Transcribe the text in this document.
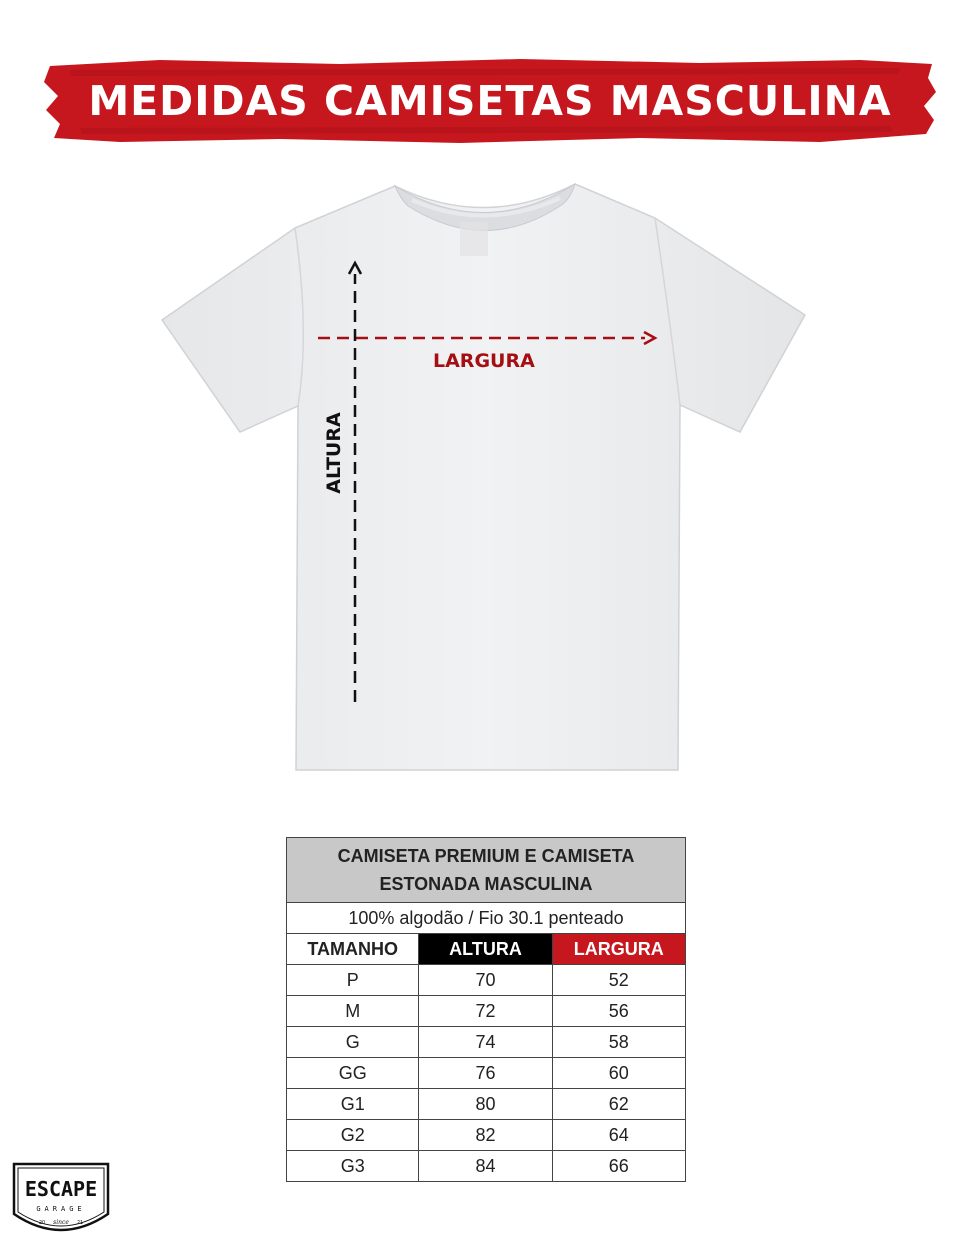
MEDIDAS CAMISETAS MASCULINA
LARGURA
ALTURA
CAMISETA PREMIUM E CAMISETA
ESTONADA MASCULINA		
100% algodão / Fio 30.1 penteado		
TAMANHO	ALTURA	LARGURA
P	70	52
M	72	56
G	74	58
GG	76	60
G1	80	62
G2	82	64
G3	84	66
ESCAPE
GARAGE
since
20	21
